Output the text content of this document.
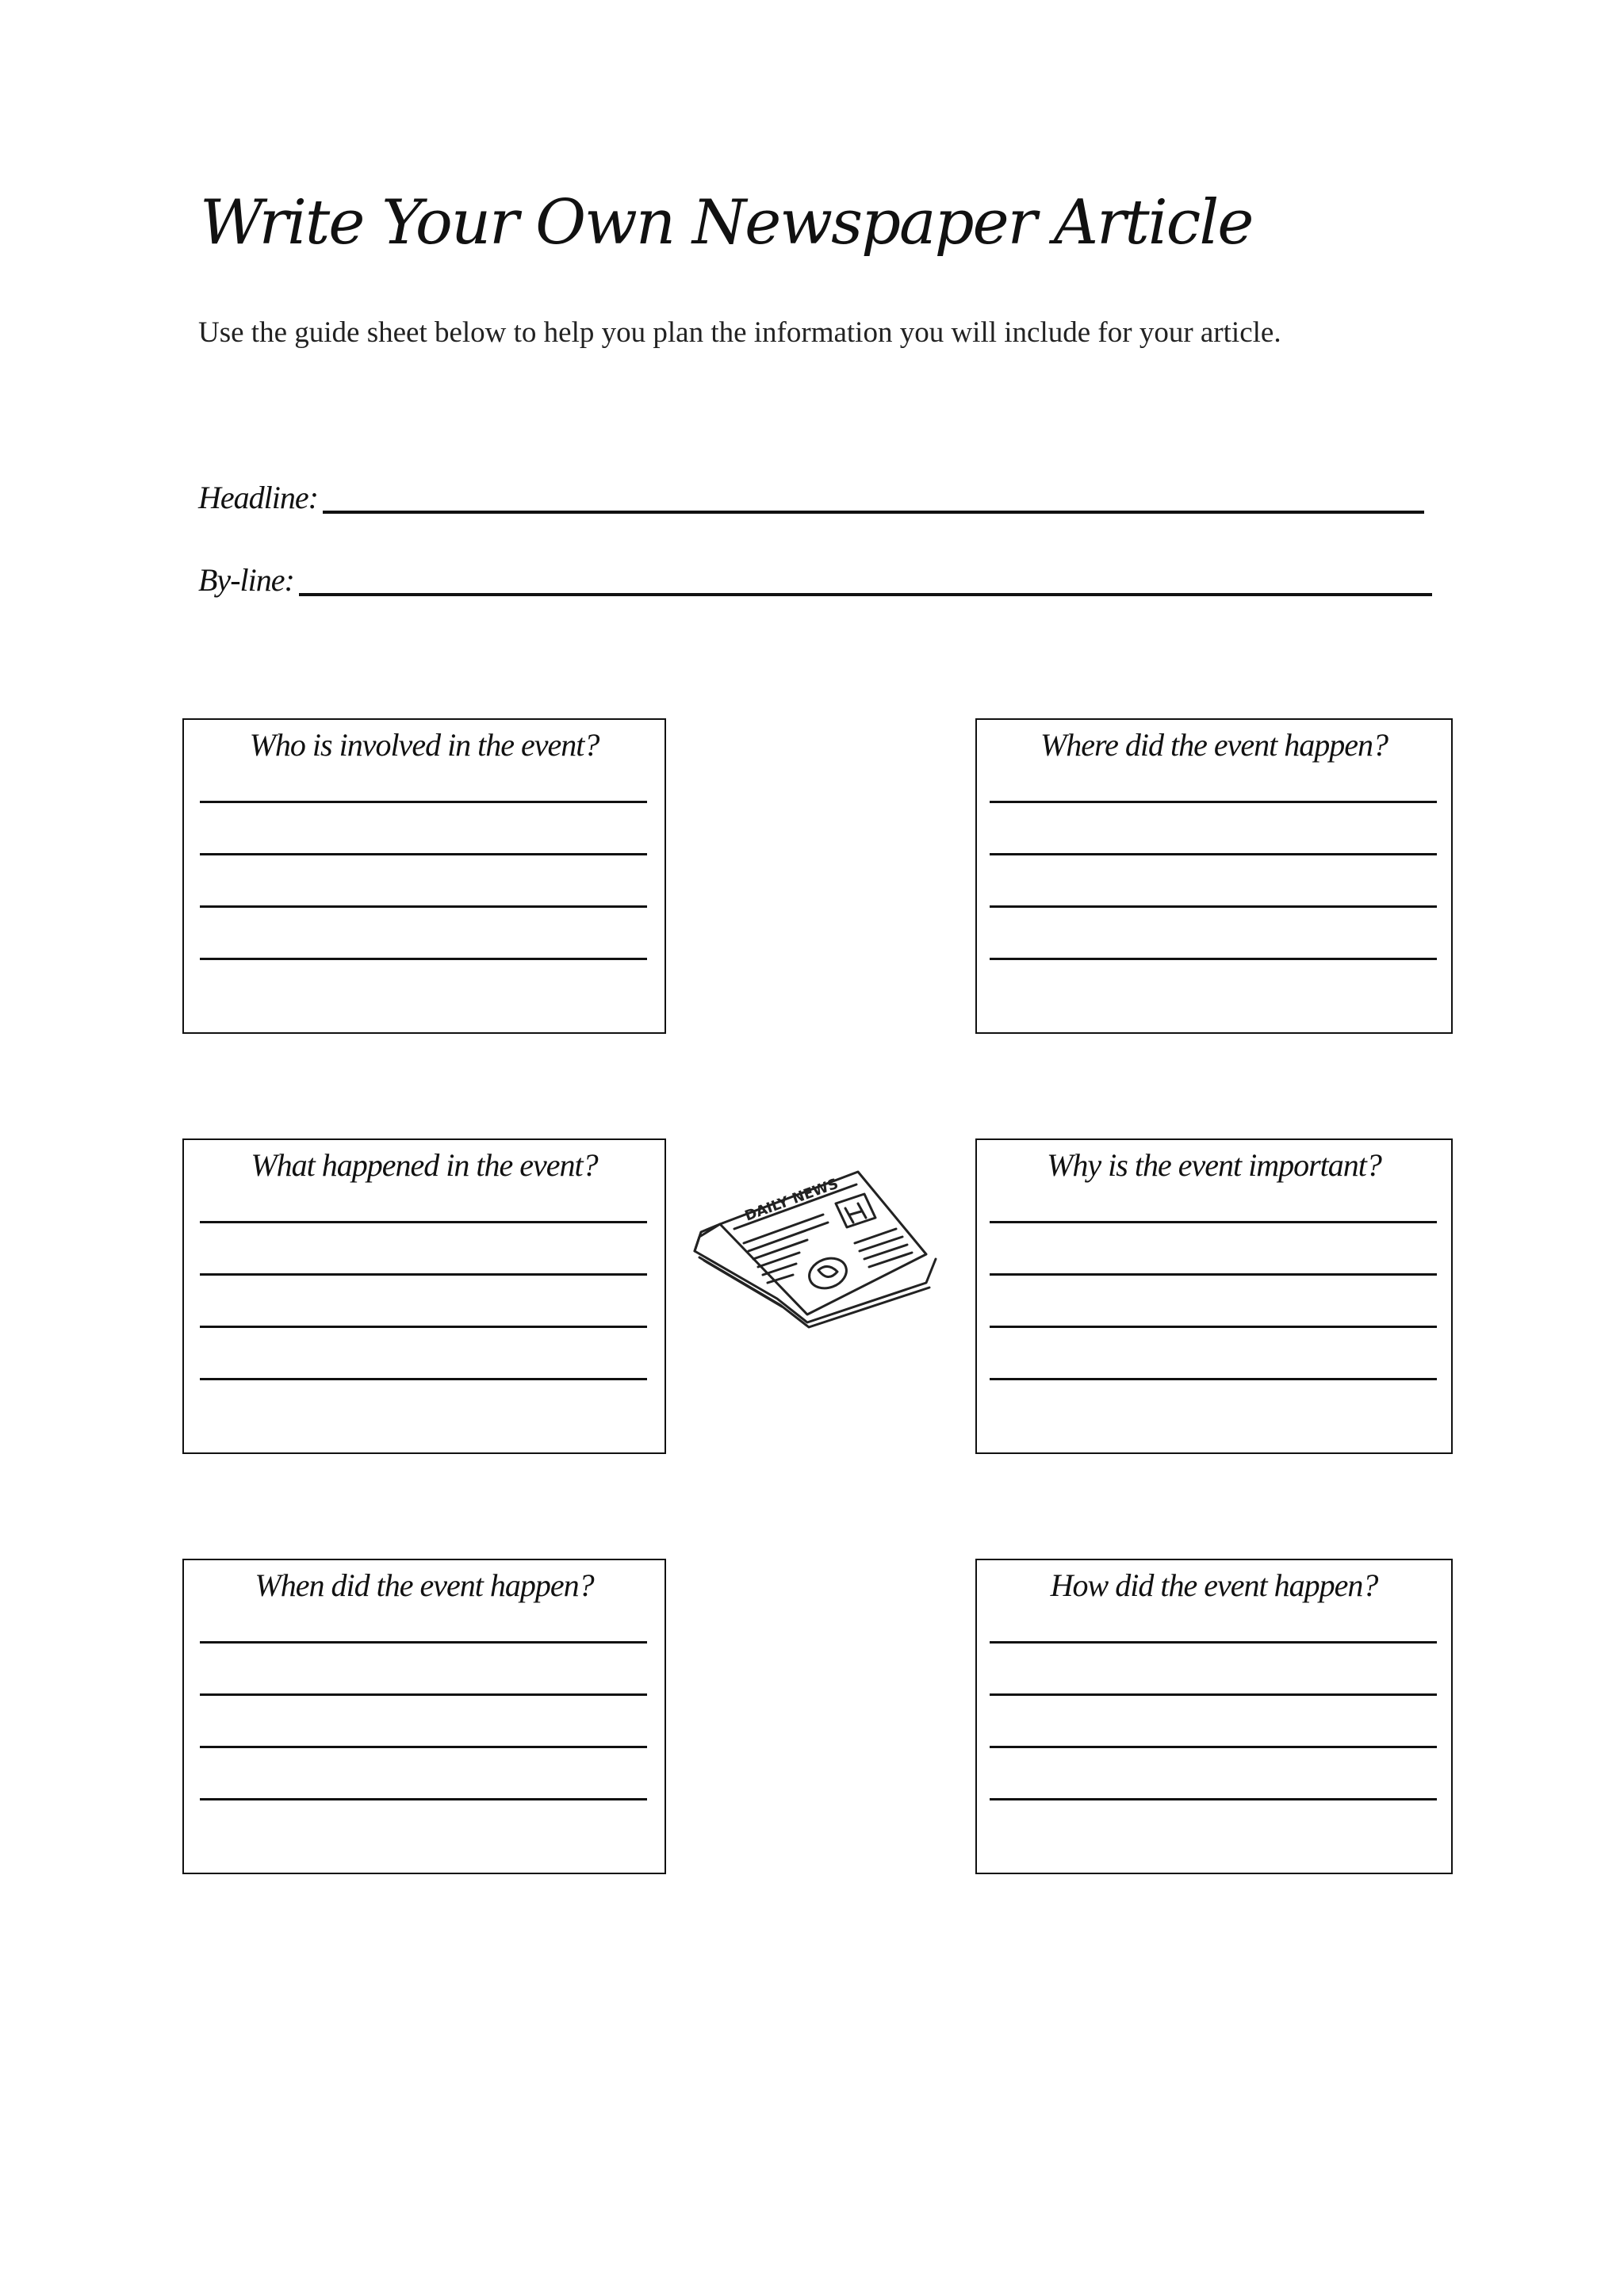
Write Your Own Newspaper Article
Use the guide sheet below to help you plan the information you will include for your article.
Headline:
By-line:
Who is involved in the event?	Where did the event happen?
What happened in the event?
DAILY NEWS
Why is the event important?
When did the event happen?	How did the event happen?
